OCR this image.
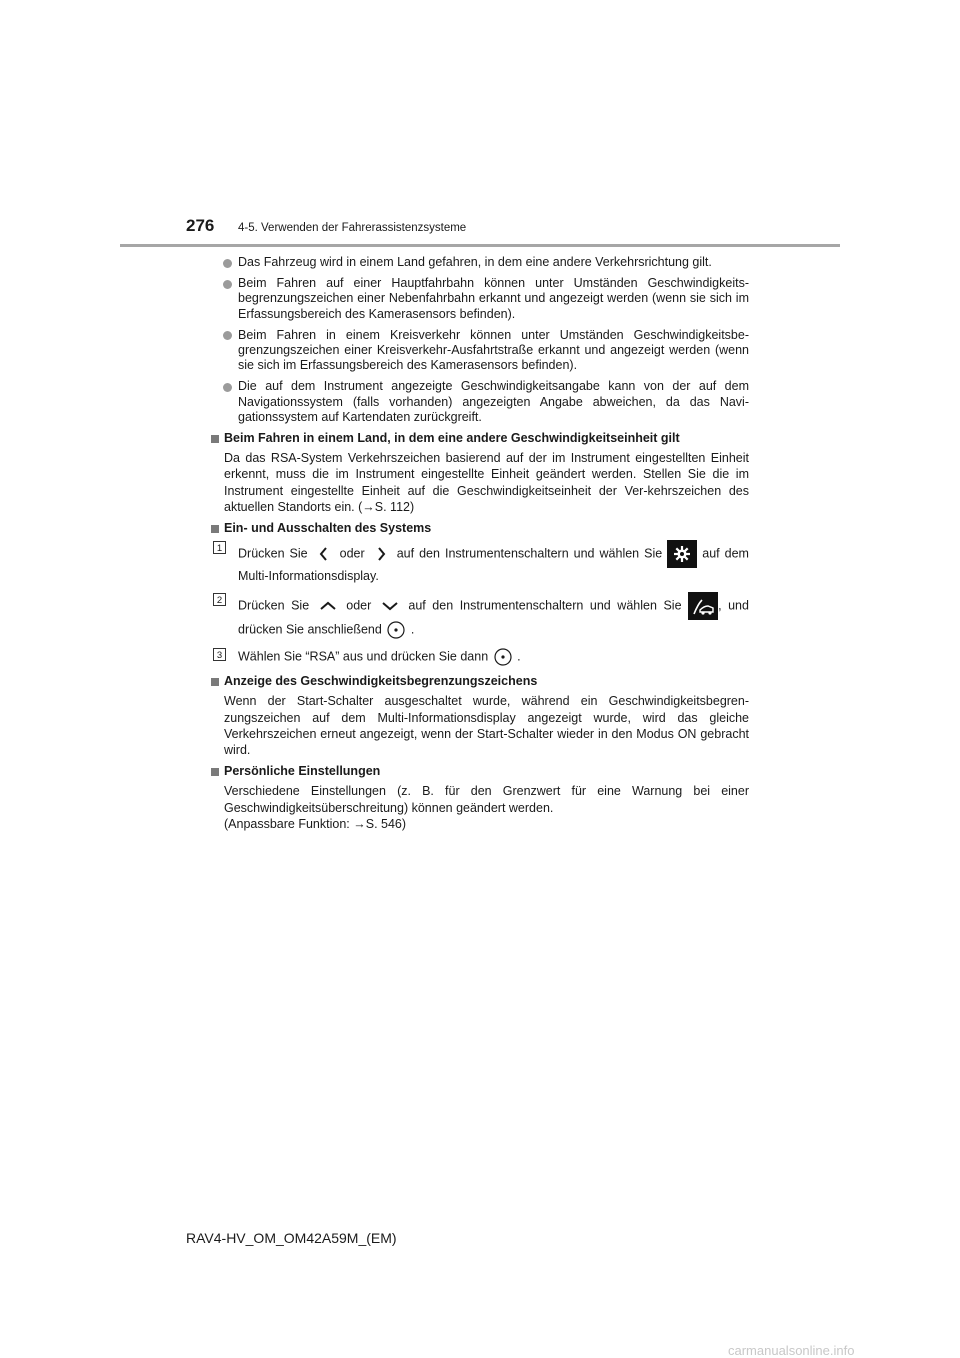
276 4-5. Verwenden der Fahrerassistenzsysteme
Das Fahrzeug wird in einem Land gefahren, in dem eine andere Verkehrsrichtung gilt.
Beim Fahren auf einer Hauptfahrbahn können unter Umständen Geschwindigkeits-begrenzungszeichen einer Nebenfahrbahn erkannt und angezeigt werden (wenn sie sich im Erfassungsbereich des Kamerasensors befinden).
Beim Fahren in einem Kreisverkehr können unter Umständen Geschwindigkeitsbe-grenzungszeichen einer Kreisverkehr-Ausfahrtstraße erkannt und angezeigt werden (wenn sie sich im Erfassungsbereich des Kamerasensors befinden).
Die auf dem Instrument angezeigte Geschwindigkeitsangabe kann von der auf dem Navigationssystem (falls vorhanden) angezeigten Angabe abweichen, da das Navi-gationssystem auf Kartendaten zurückgreift.
Beim Fahren in einem Land, in dem eine andere Geschwindigkeitseinheit gilt
Da das RSA-System Verkehrszeichen basierend auf der im Instrument eingestellten Einheit erkennt, muss die im Instrument eingestellte Einheit geändert werden. Stellen Sie die im Instrument eingestellte Einheit auf die Geschwindigkeitseinheit der Ver-kehrszeichen des aktuellen Standorts ein. (→S. 112)
Ein- und Ausschalten des Systems
1	Drücken Sie	oder	auf den Instrumentenschaltern und wählen Sie	auf dem Multi-Informationsdisplay.
2	Drücken Sie	oder	auf den Instrumentenschaltern und wählen Sie	, und drücken Sie anschließend .
3	Wählen Sie “RSA” aus und drücken Sie dann .
Anzeige des Geschwindigkeitsbegrenzungszeichens
Wenn der Start-Schalter ausgeschaltet wurde, während ein Geschwindigkeitsbegren-zungszeichen auf dem Multi-Informationsdisplay angezeigt wurde, wird das gleiche Verkehrszeichen erneut angezeigt, wenn der Start-Schalter wieder in den Modus ON gebracht wird.
Persönliche Einstellungen
Verschiedene Einstellungen (z. B. für den Grenzwert für eine Warnung bei einer Geschwindigkeitsüberschreitung) können geändert werden.
(Anpassbare Funktion: →S. 546)
RAV4-HV_OM_OM42A59M_(EM)
carmanualsonline.info
